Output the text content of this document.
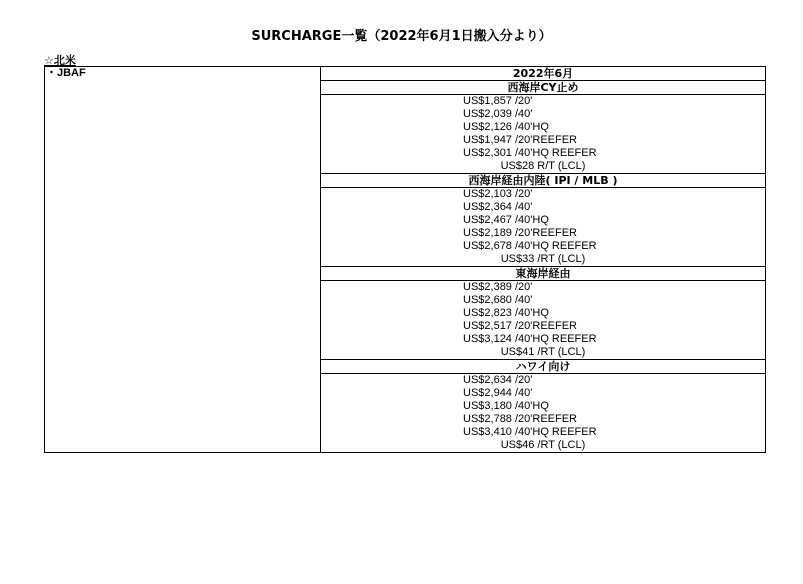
SURCHARGE一覧（2022年6月1日搬入分より）
☆北米
・JBAF	2022年6月
西海岸CY止め
US$1,857 /20'
US$2,039 /40'
US$2,126 /40'HQ
US$1,947 /20'REEFER
US$2,301 /40'HQ REEFER
US$28 R/T (LCL)
西海岸経由内陸( IPI / MLB )
US$2,103 /20'
US$2,364 /40'
US$2,467 /40'HQ
US$2,189 /20'REEFER
US$2,678 /40'HQ REEFER
US$33 /RT (LCL)
東海岸経由
US$2,389 /20'
US$2,680 /40'
US$2,823 /40'HQ
US$2,517 /20'REEFER
US$3,124 /40'HQ REEFER
US$41 /RT (LCL)
ハワイ向け
US$2,634 /20'
US$2,944 /40'
US$3,180 /40'HQ
US$2,788 /20'REEFER
US$3,410 /40'HQ REEFER
US$46 /RT (LCL)
